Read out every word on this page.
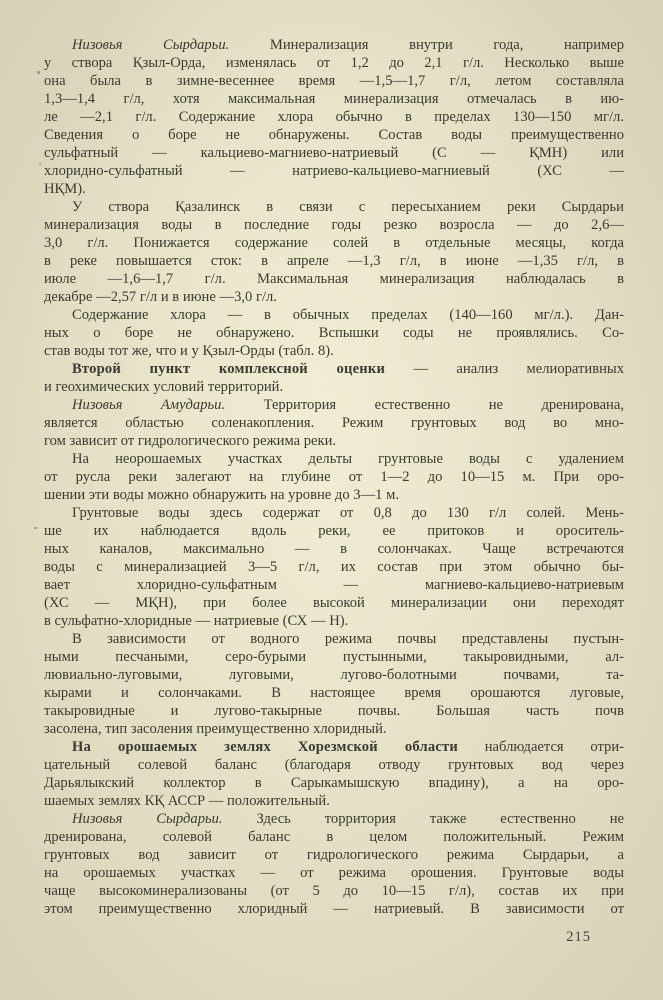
Низовья Сырдарьи. Минерализация внутри года, например
у створа Қзыл-Орда, изменялась от 1,2 до 2,1 г/л. Несколько выше
она была в зимне-весеннее время —1,5—1,7 г/л, летом составляла
1,3—1,4 г/л, хотя максимальная минерализация отмечалась в ию-
ле —2,1 г/л. Содержание хлора обычно в пределах 130—150 мг/л.
Сведения о боре не обнаружены. Состав воды преимущественно
сульфатный — кальциево-магниево-натриевый (С — ҚМН) или
хлоридно-сульфатный — натриево-кальциево-магниевый (ХС —
НҚМ).
У створа Қазалинск в связи с пересыханием реки Сырдарьи
минерализация воды в последние годы резко возросла — до 2,6—
3,0 г/л. Понижается содержание солей в отдельные месяцы, когда
в реке повышается сток: в апреле —1,3 г/л, в июне —1,35 г/л, в
июле —1,6—1,7 г/л. Максимальная минерализация наблюдалась в
декабре —2,57 г/л и в июне —3,0 г/л.
Содержание хлора — в обычных пределах (140—160 мг/л.). Дан-
ных о боре не обнаружено. Вспышки соды не проявлялись. Со-
став воды тот же, что и у Қзыл-Орды (табл. 8).
Второй пункт комплексной оценки — анализ мелиоративных
и геохимических условий территорий.
Низовья Амударьи. Территория естественно не дренирована,
является областью соленакопления. Режим грунтовых вод во мно-
гом зависит от гидрологического режима реки.
На неорошаемых участках дельты грунтовые воды с удалением
от русла реки залегают на глубине от 1—2 до 10—15 м. При оро-
шении эти воды можно обнаружить на уровне до 3—1 м.
Грунтовые воды здесь содержат от 0,8 до 130 г/л солей. Мень-
ше их наблюдается вдоль реки, ее притоков и ороситель-
ных каналов, максимально — в солончаках. Чаще встречаются
воды с минерализацией 3—5 г/л, их состав при этом обычно бы-
вает хлоридно-сульфатным — магниево-кальциево-натриевым
(ХС — МҚН), при более высокой минерализации они переходят
в сульфатно-хлоридные — натриевые (СХ — Н).
В зависимости от водного режима почвы представлены пустын-
ными песчаными, серо-бурыми пустынными, такыровидными, ал-
лювиально-луговыми, луговыми, лугово-болотными почвами, та-
кырами и солончаками. В настоящее время орошаются луговые,
такыровидные и лугово-такырные почвы. Большая часть почв
засолена, тип засоления преимущественно хлоридный.
На орошаемых землях Хорезмской области наблюдается отри-
цательный солевой баланс (благодаря отводу грунтовых вод через
Дарьялыкский коллектор в Сарыкамышскую впадину), а на оро-
шаемых землях КҚ АССР — положительный.
Низовья Сырдарьи. Здесь торритория также естественно не
дренирована, солевой баланс в целом положительный. Режим
грунтовых вод зависит от гидрологического режима Сырдарьи, а
на орошаемых участках — от режима орошения. Грунтовые воды
чаще высокоминерализованы (от 5 до 10—15 г/л), состав их при
этом преимущественно хлоридный — натриевый. В зависимости от
215
